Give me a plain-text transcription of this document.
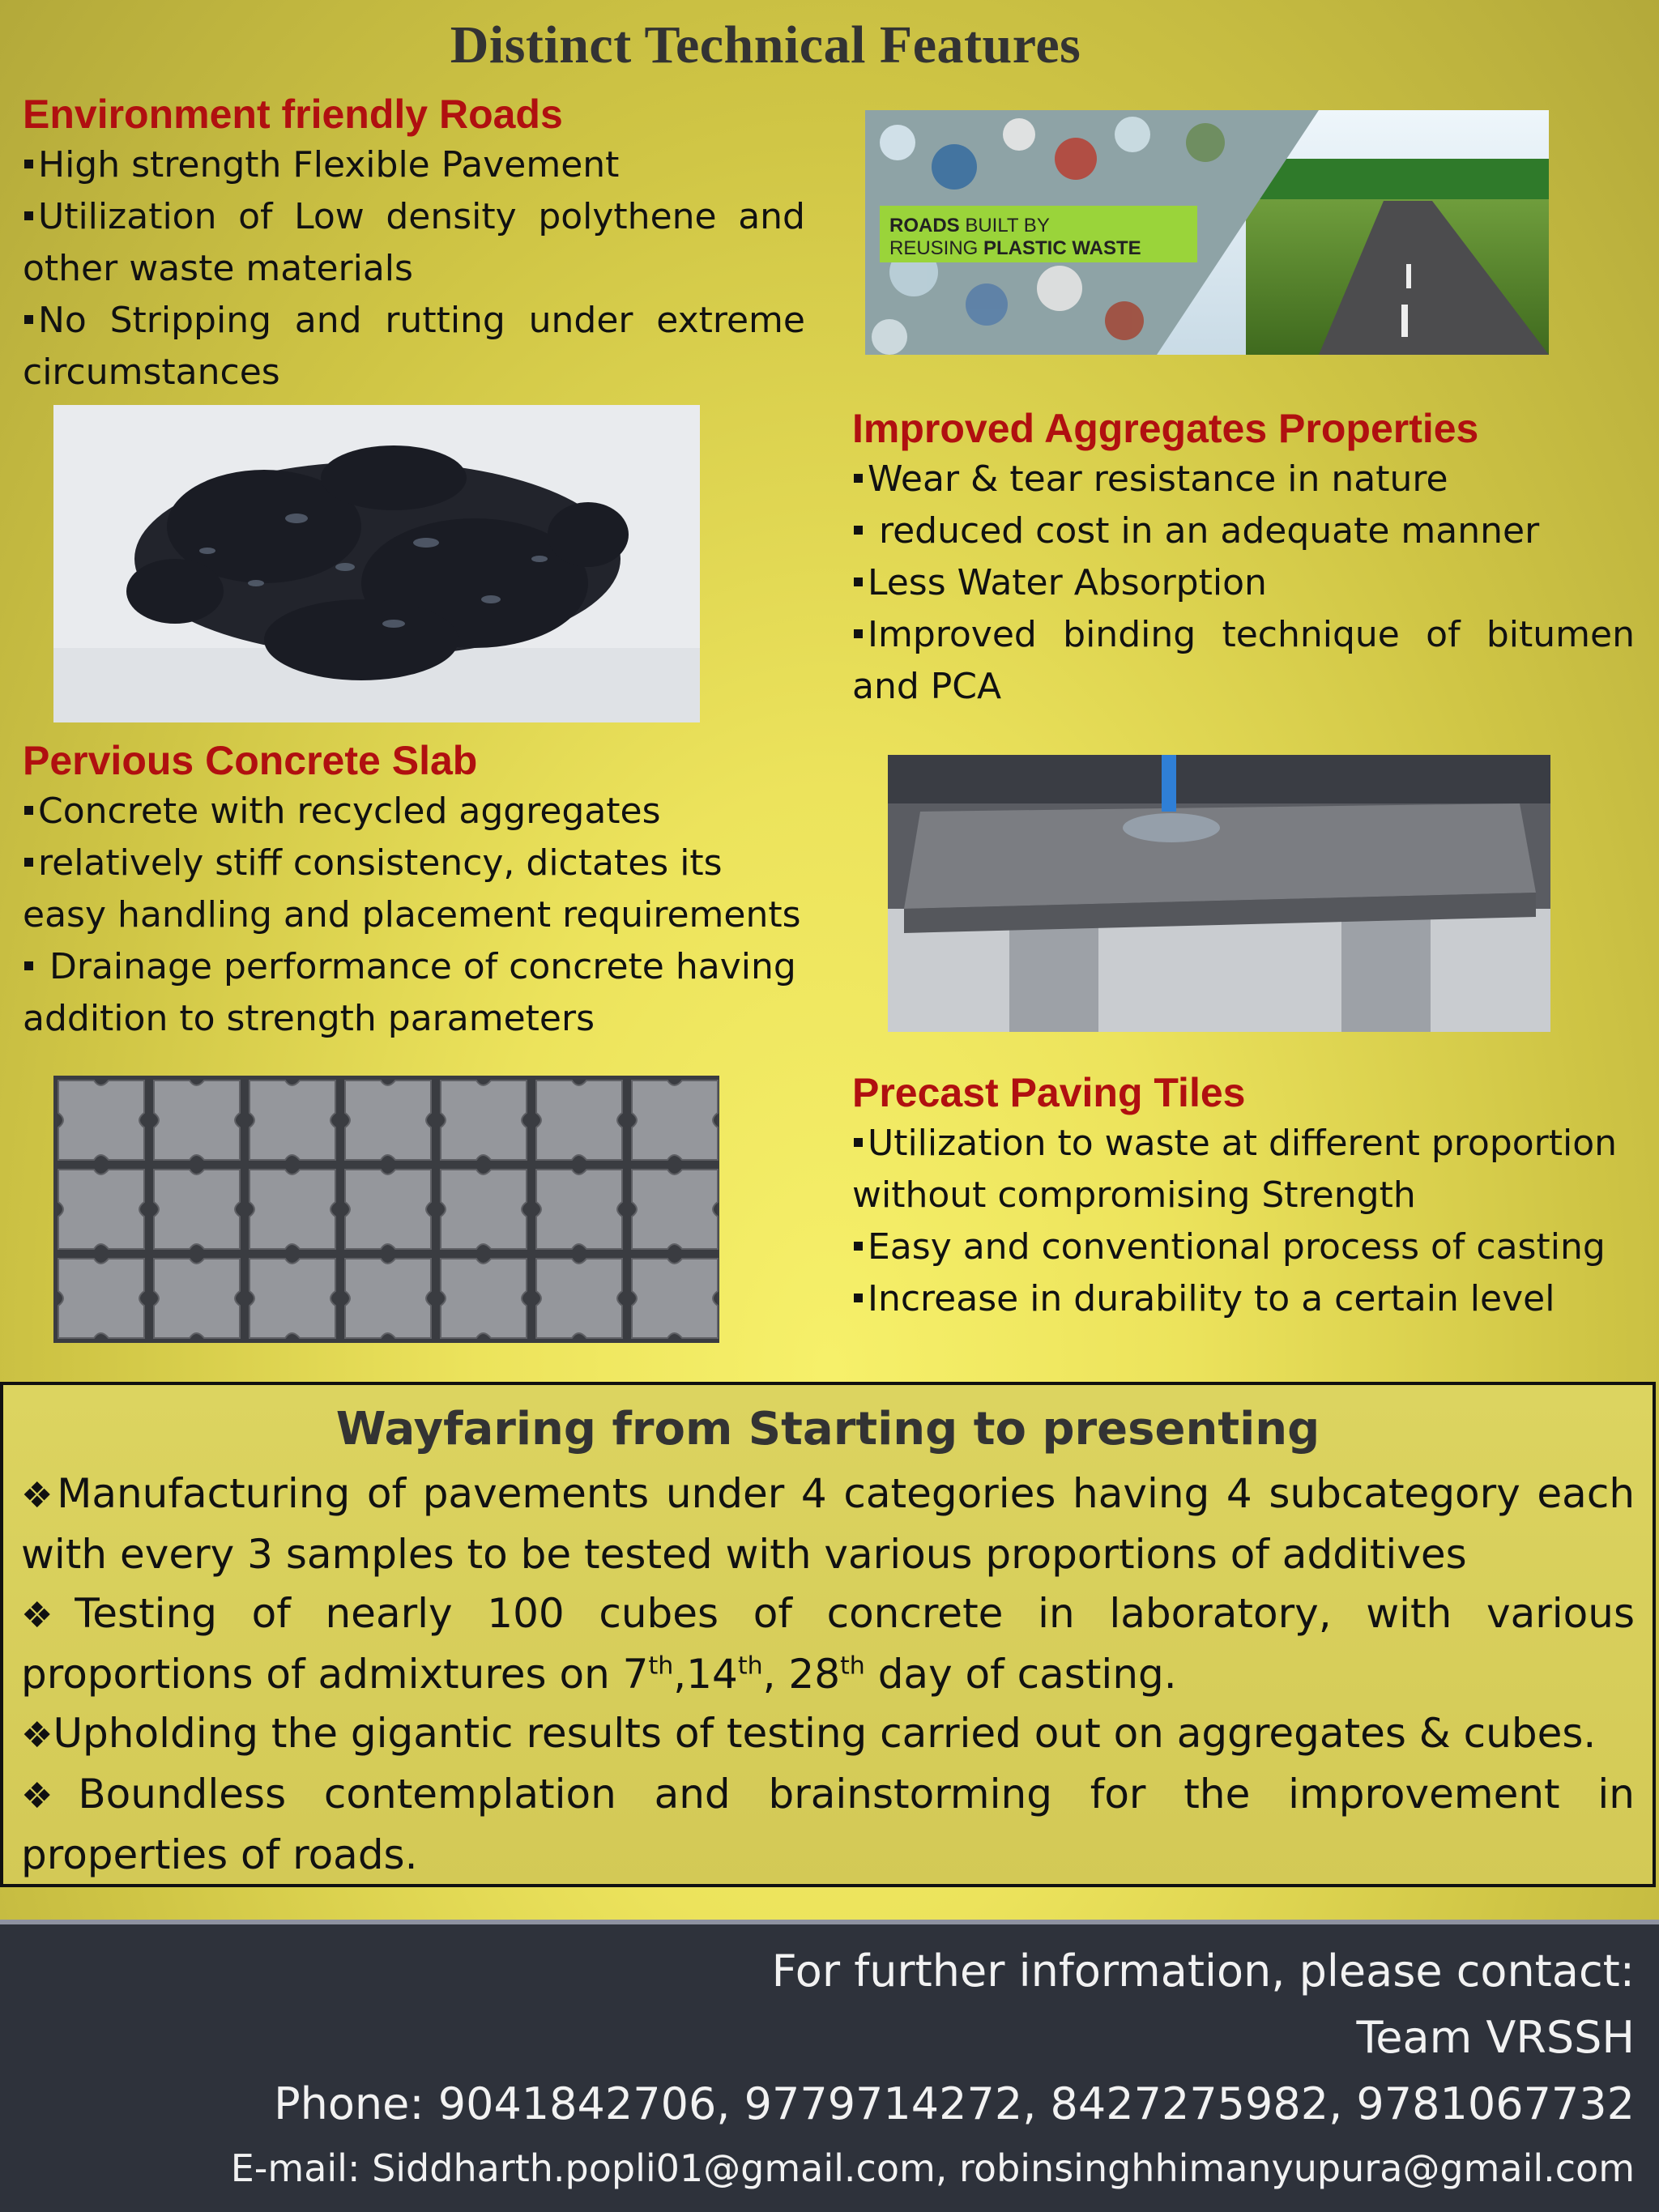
Distinct Technical Features
Environment friendly Roads
High strength Flexible Pavement
Utilization of Low density polythene and other waste materials
No Stripping and rutting under extreme circumstances
ROADS BUILT BY
REUSING PLASTIC WASTE
Improved Aggregates Properties
Wear & tear resistance in nature
reduced cost in an adequate manner
Less Water Absorption
Improved binding technique of bitumen and PCA
Pervious Concrete Slab
Concrete with recycled aggregates
relatively stiff consistency, dictates its easy handling and placement requirements
Drainage performance of concrete having addition to strength parameters
Precast Paving Tiles
Utilization to waste at different proportion without compromising Strength
Easy and conventional process of casting
Increase in durability to a certain level
Wayfaring from Starting to presenting

❖Manufacturing of pavements under 4 categories having 4 subcategory each with every 3 samples to be tested with various proportions of additives

❖Testing of nearly 100 cubes of concrete in laboratory, with various proportions of admixtures on 7th,14th, 28th day of casting.

❖Upholding the gigantic results of testing carried out on aggregates & cubes.

❖Boundless contemplation and brainstorming for the improvement in properties of roads.

For further information, please contact:
Team VRSSH
Phone: 9041842706, 9779714272, 8427275982, 9781067732
E-mail: Siddharth.popli01@gmail.com, robinsinghhimanyupura@gmail.com
